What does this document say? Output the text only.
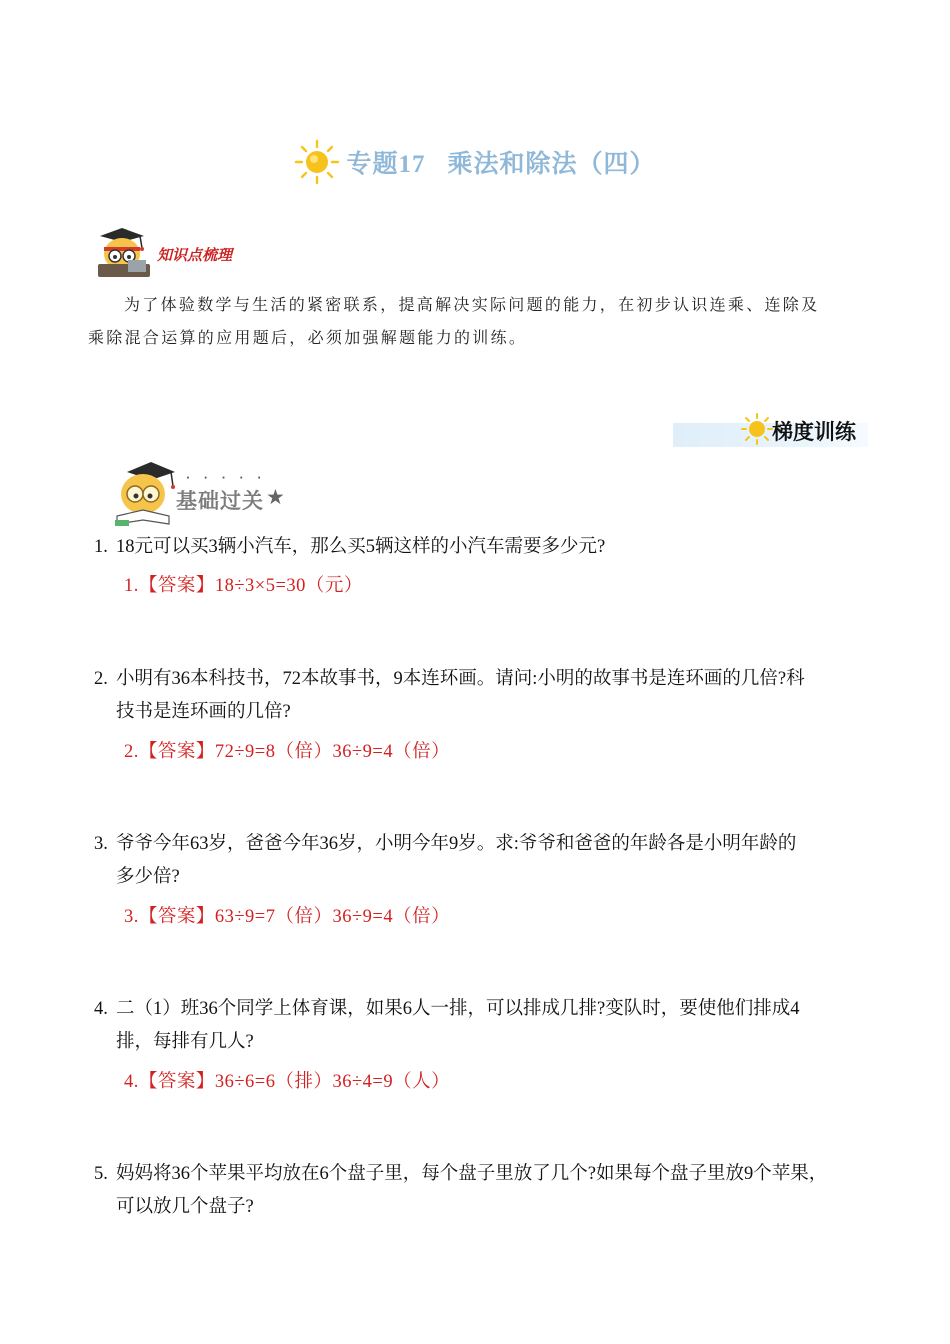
专题17 乘法和除法（四）
知识点梳理

为了体验数学与生活的紧密联系，提高解决实际问题的能力，在初步认识连乘、连除及

乘除混合运算的应用题后，必须加强解题能力的训练。
梯度训练
·····
基础过关 ★
1. 18元可以买3辆小汽车，那么买5辆这样的小汽车需要多少元?
1.【答案】18÷3×5=30（元）
2. 小明有36本科技书，72本故事书，9本连环画。请问:小明的故事书是连环画的几倍?科
技书是连环画的几倍?
2.【答案】72÷9=8（倍）36÷9=4（倍）
3. 爷爷今年63岁，爸爸今年36岁，小明今年9岁。求:爷爷和爸爸的年龄各是小明年龄的
多少倍?
3.【答案】63÷9=7（倍）36÷9=4（倍）
4. 二（1）班36个同学上体育课，如果6人一排，可以排成几排?变队时，要使他们排成4
排，每排有几人?
4.【答案】36÷6=6（排）36÷4=9（人）
5. 妈妈将36个苹果平均放在6个盘子里，每个盘子里放了几个?如果每个盘子里放9个苹果，
可以放几个盘子?
